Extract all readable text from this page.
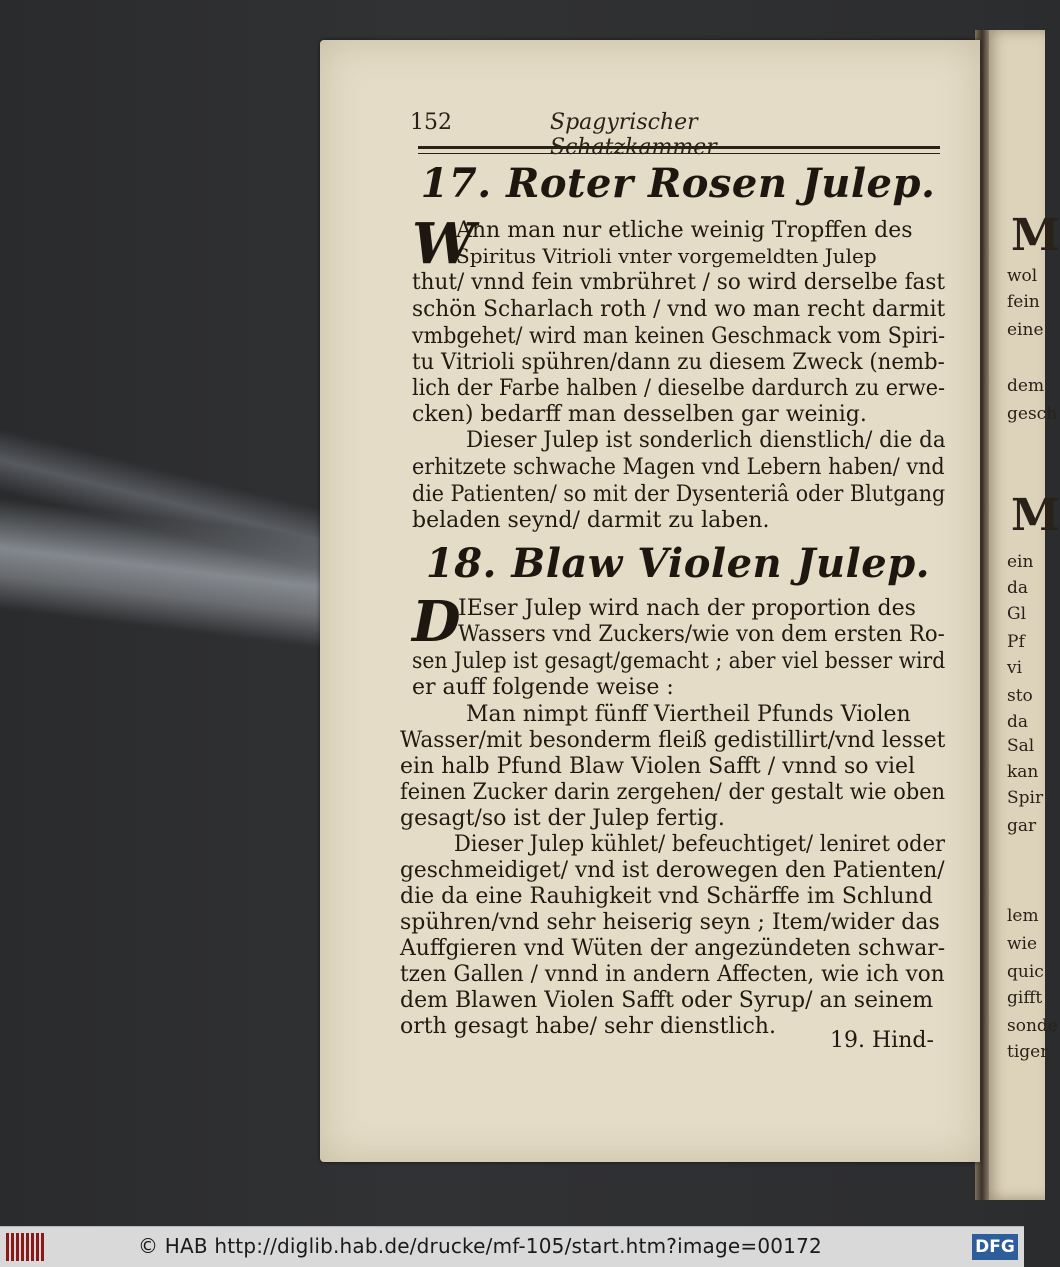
M
wol
fein
eine
dem
gesch
M
ein
da
Gl
Pf
vi
sto
da
Sal
kan
Spir
gar
lem
wie
quic
gifft
sonde
tiger
152	Spagyrischer Schatzkammer
17. Roter Rosen Julep.
W
Ann man nur etliche weinig Tropffen des
Spiritus Vitrioli vnter vorgemeldten Julep
thut/ vnnd fein vmbrühret / so wird derselbe fast
schön Scharlach roth / vnd wo man recht darmit
vmbgehet/ wird man keinen Geschmack vom Spiri-
tu Vitrioli spühren/dann zu diesem Zweck (nemb-
lich der Farbe halben / dieselbe dardurch zu erwe-
cken) bedarff man desselben gar weinig.
Dieser Julep ist sonderlich dienstlich/ die da
erhitzete schwache Magen vnd Lebern haben/ vnd
die Patienten/ so mit der Dysenteriâ oder Blutgang
beladen seynd/ darmit zu laben.
18. Blaw Violen Julep.
D
IEser Julep wird nach der proportion des
Wassers vnd Zuckers/wie von dem ersten Ro-
sen Julep ist gesagt/gemacht ; aber viel besser wird
er auff folgende weise :
Man nimpt fünff Viertheil Pfunds Violen
Wasser/mit besonderm fleiß gedistillirt/vnd lesset
ein halb Pfund Blaw Violen Safft / vnnd so viel
feinen Zucker darin zergehen/ der gestalt wie oben
gesagt/so ist der Julep fertig.
Dieser Julep kühlet/ befeuchtiget/ leniret oder
geschmeidiget/ vnd ist derowegen den Patienten/
die da eine Rauhigkeit vnd Schärffe im Schlund
spühren/vnd sehr heiserig seyn ; Item/wider das
Auffgieren vnd Wüten der angezündeten schwar-
tzen Gallen / vnnd in andern Affecten, wie ich von
dem Blawen Violen Safft oder Syrup/ an seinem
orth gesagt habe/ sehr dienstlich.
19. Hind-
© HAB http://diglib.hab.de/drucke/mf-105/start.htm?image=00172	DFG
